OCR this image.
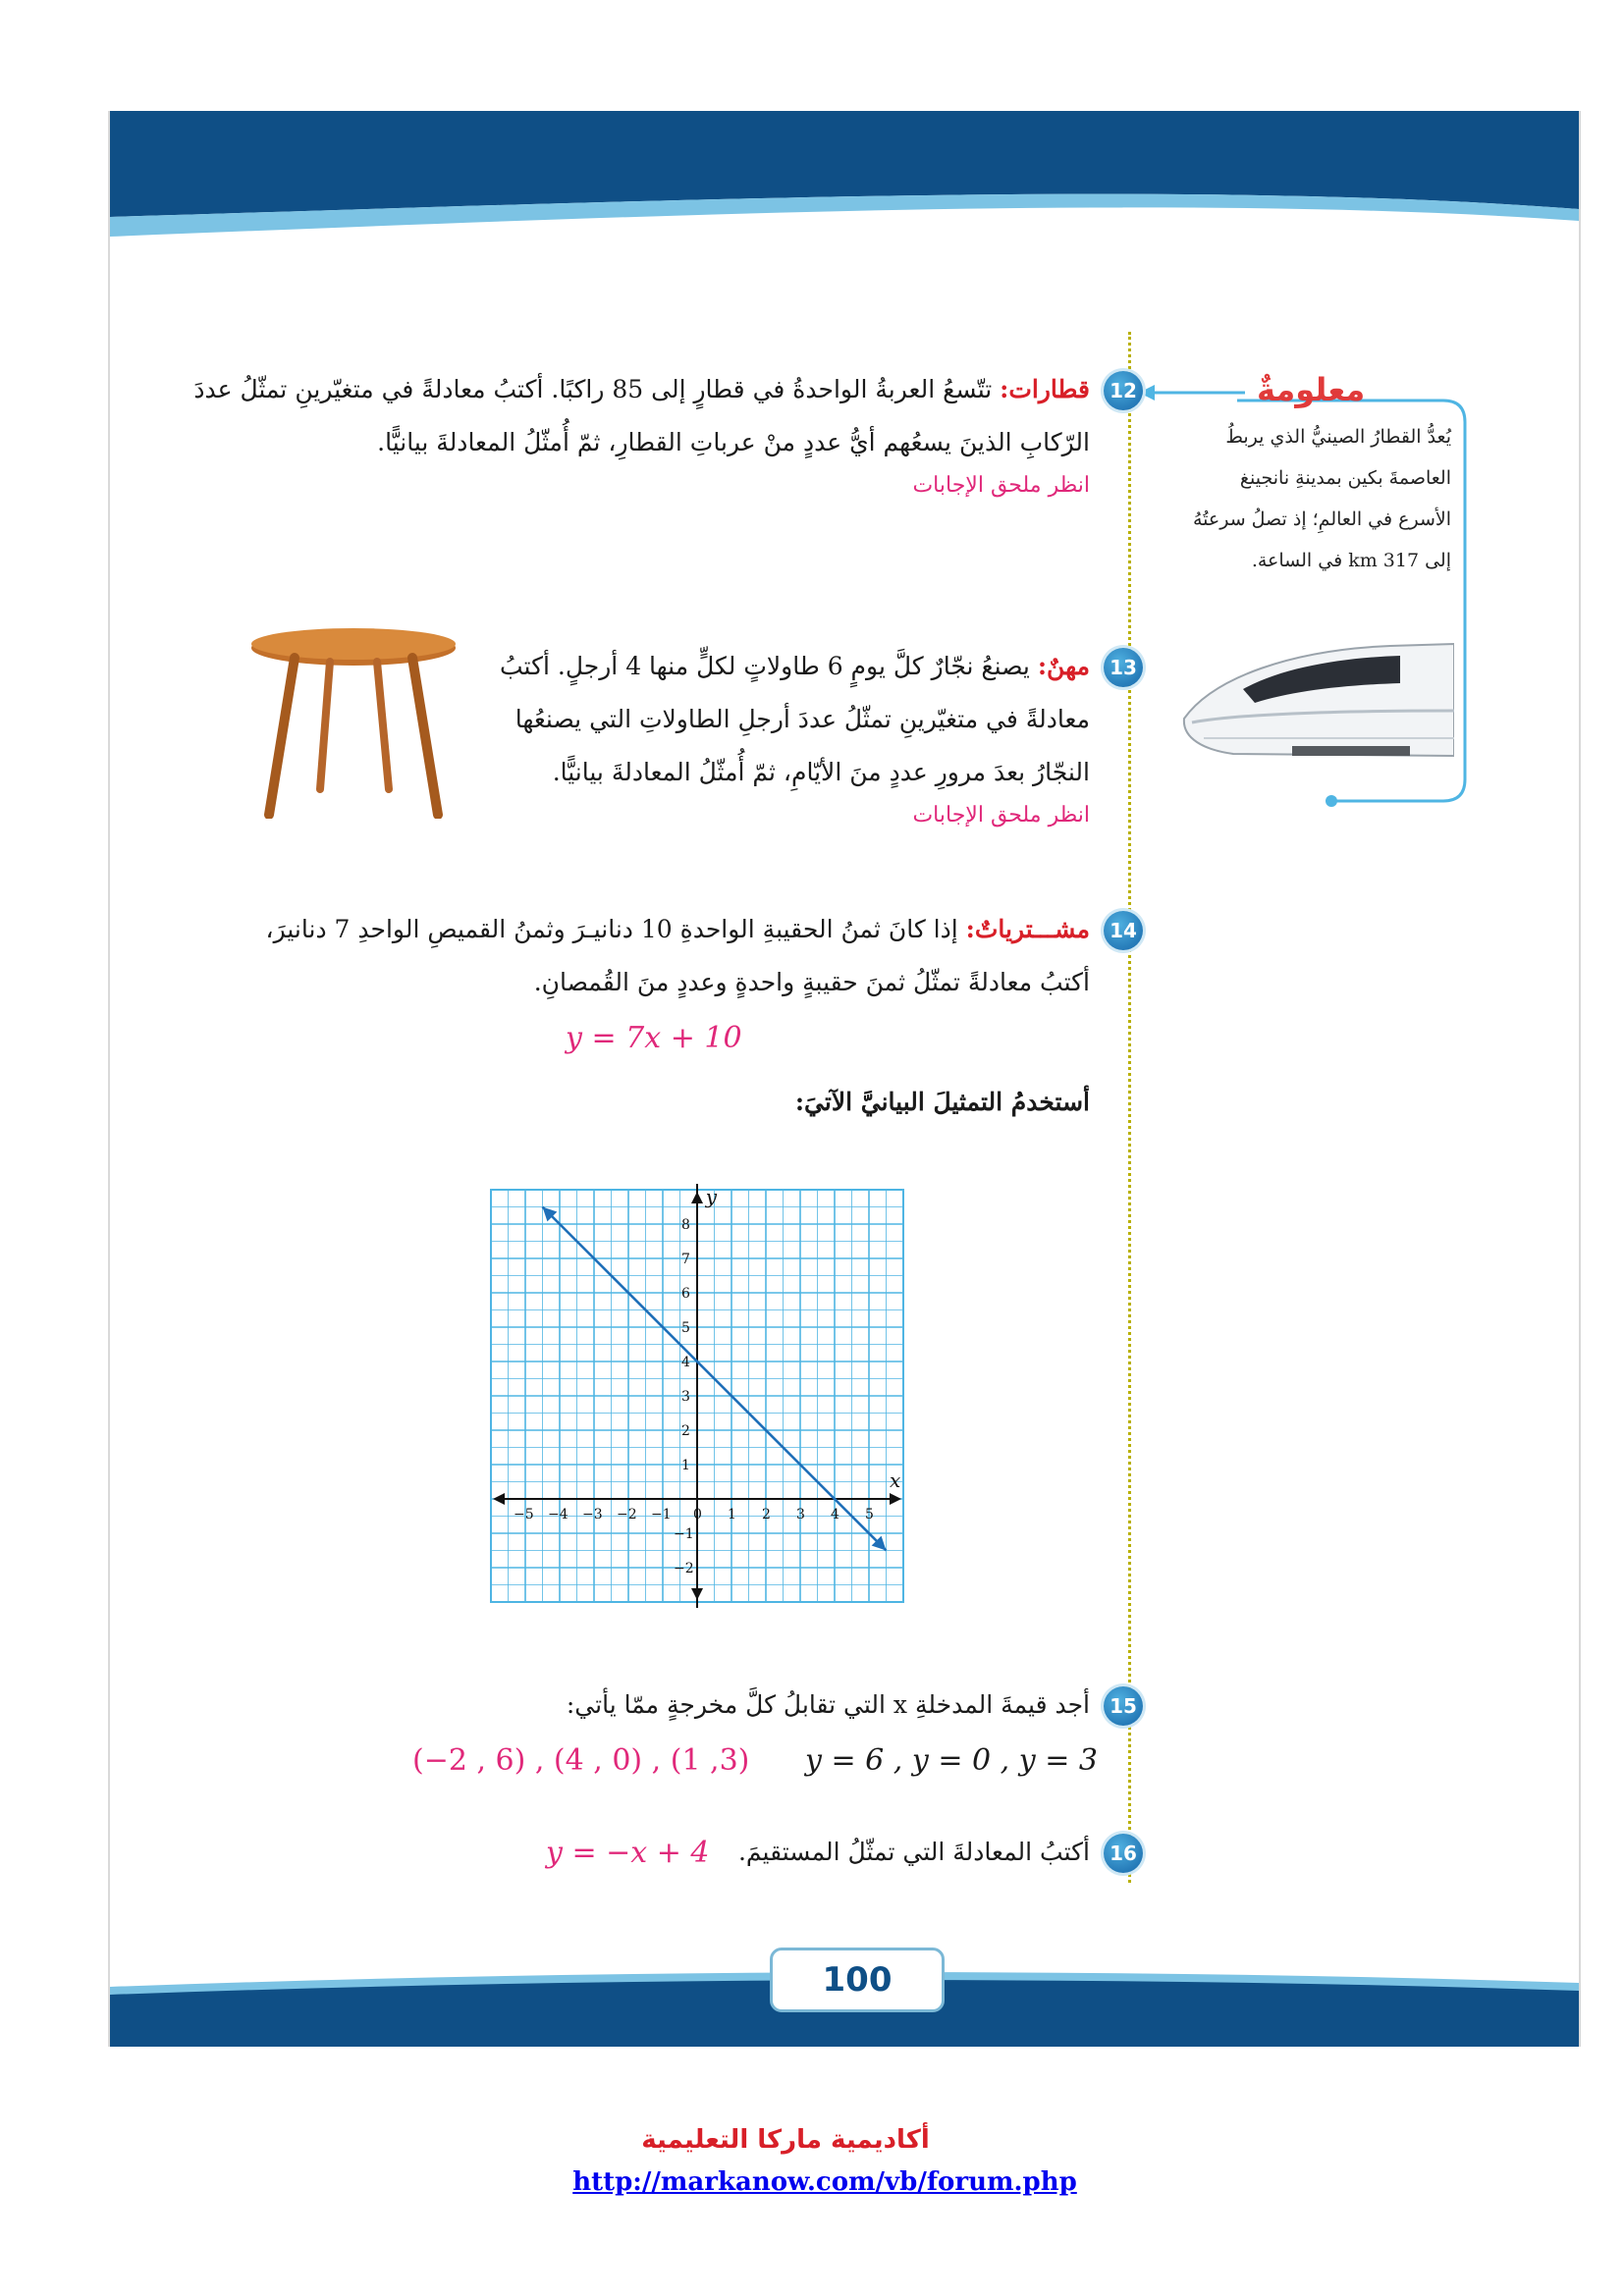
100
معلومةٌ
يُعدُّ القطارُ الصينيُّ الذي يربطُ
العاصمةَ بكين بمدينةِ نانجينغ
الأسرع في العالمِ؛ إذ تصلُ سرعتُهُ
إلى 317 km في الساعة.
12
قطارات: تتّسعُ العربةُ الواحدةُ في قطارٍ إلى 85 راكبًا. أكتبُ معادلةً في متغيّرينِ تمثّلُ عددَ
الرّكابِ الذينَ يسعُهم أيُّ عددٍ منْ عرباتِ القطارِ، ثمّ أُمثّلُ المعادلةَ بيانيًّا.
انظر ملحق الإجابات
13
مهنٌ: يصنعُ نجّارٌ كلَّ يومٍ 6 طاولاتٍ لكلٍّ منها 4 أرجلٍ. أكتبُ
معادلةً في متغيّرينِ تمثّلُ عددَ أرجلِ الطاولاتِ التي يصنعُها
النجّارُ بعدَ مرورِ عددٍ منَ الأيّامِ، ثمّ أُمثّلُ المعادلةَ بيانيًّا.
انظر ملحق الإجابات
14
مشـــترياتٌ: إذا كانَ ثمنُ الحقيبةِ الواحدةِ 10 دنانيـرَ وثمنُ القميصِ الواحدِ 7 دنانيرَ،
أكتبُ معادلةً تمثّلُ ثمنَ حقيبةٍ واحدةٍ وعددٍ منَ القُمصانِ.
y = 7x + 10
أستخدمُ التمثيلَ البيانيَّ الآتيَ:
x
y
−5 −4 −3 −2 −1 0 1 2 3 4 5
8
7
6
5
4
3
2
1
−1
−2
15
أجد قيمةَ المدخلةِ x التي تقابلُ كلَّ مخرجةٍ ممّا يأتي:
y = 6 , y = 0 , y = 3
(−2 , 6) , (4 , 0) , (1 ,3)
16
أكتبُ المعادلةَ التي تمثّلُ المستقيمَ.
y = −x + 4
أكاديمية ماركا التعليمية
http://markanow.com/vb/forum.php
